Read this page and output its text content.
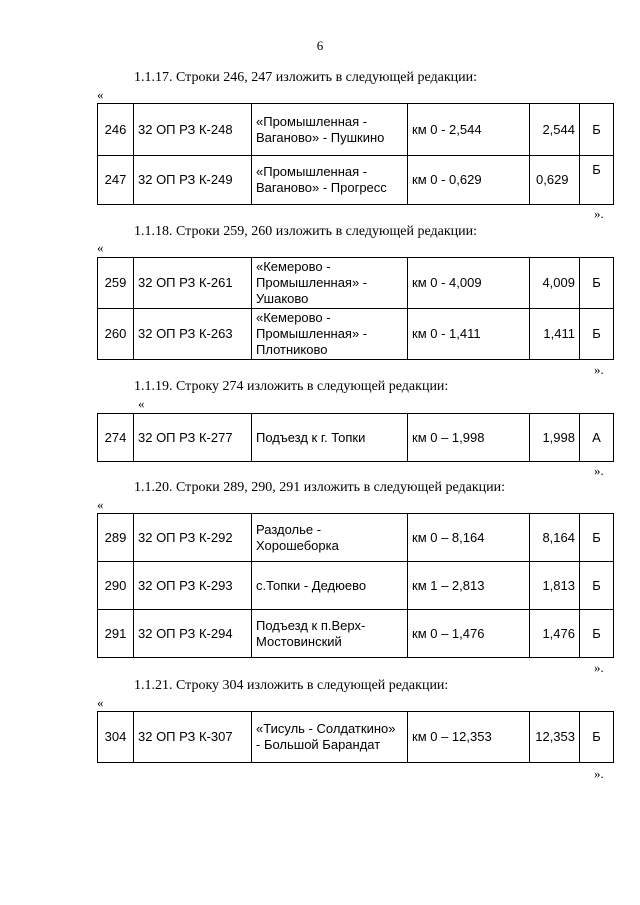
6
1.1.17. Строки 246, 247 изложить в следующей редакции:
«
246	32 ОП РЗ К-248	«Промышленная - Ваганово» - Пушкино	км 0 - 2,544	2,544	Б
247	32 ОП РЗ К-249	«Промышленная - Ваганово» - Прогресс	км 0 - 0,629	0,629	Б
».
1.1.18. Строки 259, 260 изложить в следующей редакции:
«
259	32 ОП РЗ К-261	«Кемерово - Промышленная» - Ушаково	км 0 - 4,009	4,009	Б
260	32 ОП РЗ К-263	«Кемерово - Промышленная» - Плотниково	км 0 - 1,411	1,411	Б
».
1.1.19. Строку 274 изложить в следующей редакции:
«
274	32 ОП РЗ К-277	Подъезд к г. Топки	км 0 – 1,998	1,998	А
».
1.1.20. Строки 289, 290, 291 изложить в следующей редакции:
«
289	32 ОП РЗ К-292	Раздолье - Хорошеборка	км 0 – 8,164	8,164	Б
290	32 ОП РЗ К-293	с.Топки - Дедюево	км 1 – 2,813	1,813	Б
291	32 ОП РЗ К-294	Подъезд к п.Верх-Мостовинский	км 0 – 1,476	1,476	Б
».
1.1.21. Строку 304 изложить в следующей редакции:
«
304	32 ОП РЗ К-307	«Тисуль - Солдаткино» - Большой Барандат	км 0 – 12,353	12,353	Б
».
